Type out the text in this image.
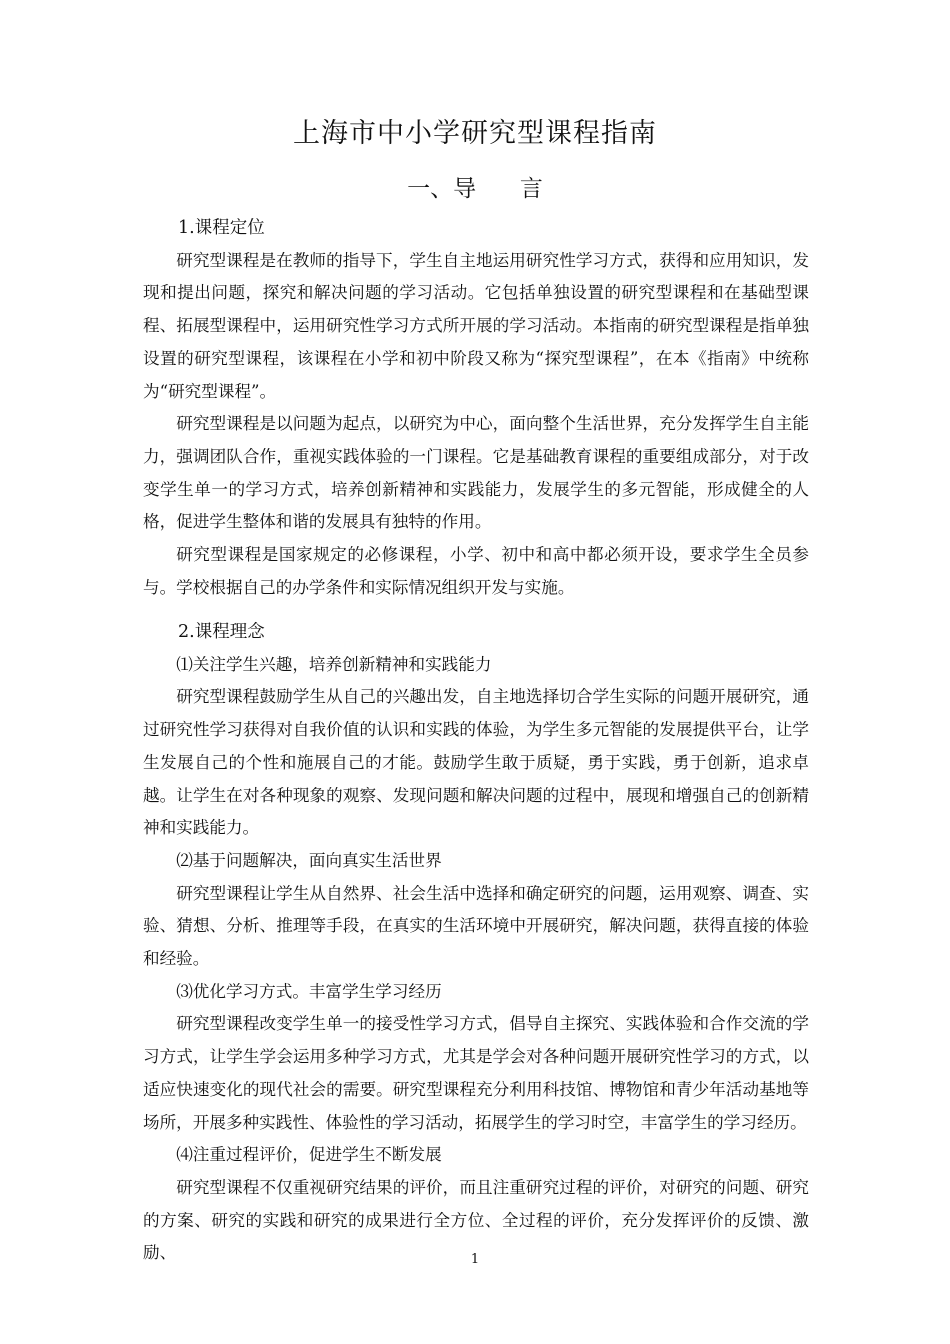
上海市中小学研究型课程指南
一、导      言

1.课程定位

研究型课程是在教师的指导下，学生自主地运用研究性学习方式，获得和应用知识，发现和提出问题，探究和解决问题的学习活动。它包括单独设置的研究型课程和在基础型课程、拓展型课程中，运用研究性学习方式所开展的学习活动。本指南的研究型课程是指单独设置的研究型课程，该课程在小学和初中阶段又称为“探究型课程”，在本《指南》中统称为“研究型课程”。

研究型课程是以问题为起点，以研究为中心，面向整个生活世界，充分发挥学生自主能力，强调团队合作，重视实践体验的一门课程。它是基础教育课程的重要组成部分，对于改变学生单一的学习方式，培养创新精神和实践能力，发展学生的多元智能，形成健全的人格，促进学生整体和谐的发展具有独特的作用。

研究型课程是国家规定的必修课程，小学、初中和高中都必须开设，要求学生全员参与。学校根据自己的办学条件和实际情况组织开发与实施。

2.课程理念

⑴关注学生兴趣，培养创新精神和实践能力

研究型课程鼓励学生从自己的兴趣出发，自主地选择切合学生实际的问题开展研究，通过研究性学习获得对自我价值的认识和实践的体验，为学生多元智能的发展提供平台，让学生发展自己的个性和施展自己的才能。鼓励学生敢于质疑，勇于实践，勇于创新，追求卓越。让学生在对各种现象的观察、发现问题和解决问题的过程中，展现和增强自己的创新精神和实践能力。

⑵基于问题解决，面向真实生活世界

研究型课程让学生从自然界、社会生活中选择和确定研究的问题，运用观察、调查、实验、猜想、分析、推理等手段，在真实的生活环境中开展研究，解决问题，获得直接的体验和经验。

⑶优化学习方式。丰富学生学习经历

研究型课程改变学生单一的接受性学习方式，倡导自主探究、实践体验和合作交流的学习方式，让学生学会运用多种学习方式，尤其是学会对各种问题开展研究性学习的方式，以适应快速变化的现代社会的需要。研究型课程充分利用科技馆、博物馆和青少年活动基地等场所，开展多种实践性、体验性的学习活动，拓展学生的学习时空，丰富学生的学习经历。

⑷注重过程评价，促进学生不断发展

研究型课程不仅重视研究结果的评价，而且注重研究过程的评价，对研究的问题、研究的方案、研究的实践和研究的成果进行全方位、全过程的评价，充分发挥评价的反馈、激励、	1
